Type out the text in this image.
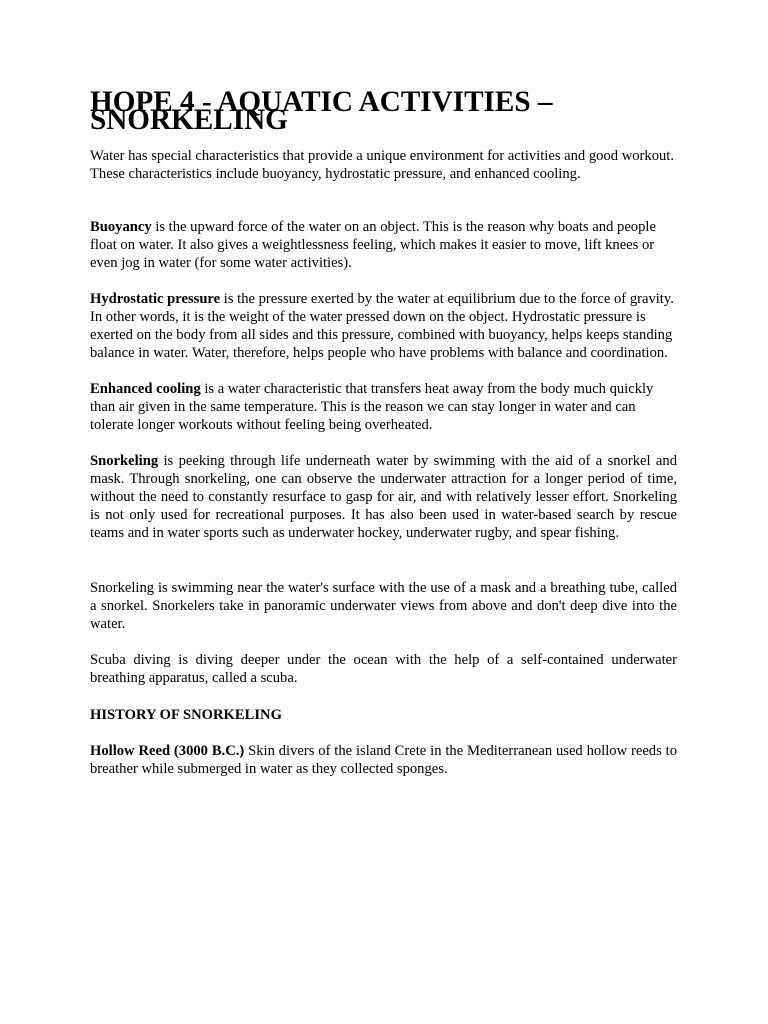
HOPE 4 - AQUATIC ACTIVITIES – SNORKELING

Water has special characteristics that provide a unique environment for activities and good workout. These characteristics include buoyancy, hydrostatic pressure, and enhanced cooling.

Buoyancy is the upward force of the water on an object. This is the reason why boats and people float on water. It also gives a weightlessness feeling, which makes it easier to move, lift knees or even jog in water (for some water activities).

Hydrostatic pressure is the pressure exerted by the water at equilibrium due to the force of gravity. In other words, it is the weight of the water pressed down on the object. Hydrostatic pressure is exerted on the body from all sides and this pressure, combined with buoyancy, helps keeps standing balance in water. Water, therefore, helps people who have problems with balance and coordination.

Enhanced cooling is a water characteristic that transfers heat away from the body much quickly than air given in the same temperature. This is the reason we can stay longer in water and can tolerate longer workouts without feeling being overheated.

Snorkeling is peeking through life underneath water by swimming with the aid of a snorkel and mask. Through snorkeling, one can observe the underwater attraction for a longer period of time, without the need to constantly resurface to gasp for air, and with relatively lesser effort. Snorkeling is not only used for recreational purposes. It has also been used in water-based search by rescue teams and in water sports such as underwater hockey, underwater rugby, and spear fishing.

Snorkeling is swimming near the water's surface with the use of a mask and a breathing tube, called a snorkel. Snorkelers take in panoramic underwater views from above and don't deep dive into the water.

Scuba diving is diving deeper under the ocean with the help of a self-contained underwater breathing apparatus, called a scuba.

HISTORY OF SNORKELING

Hollow Reed (3000 B.C.) Skin divers of the island Crete in the Mediterranean used hollow reeds to breather while submerged in water as they collected sponges.
